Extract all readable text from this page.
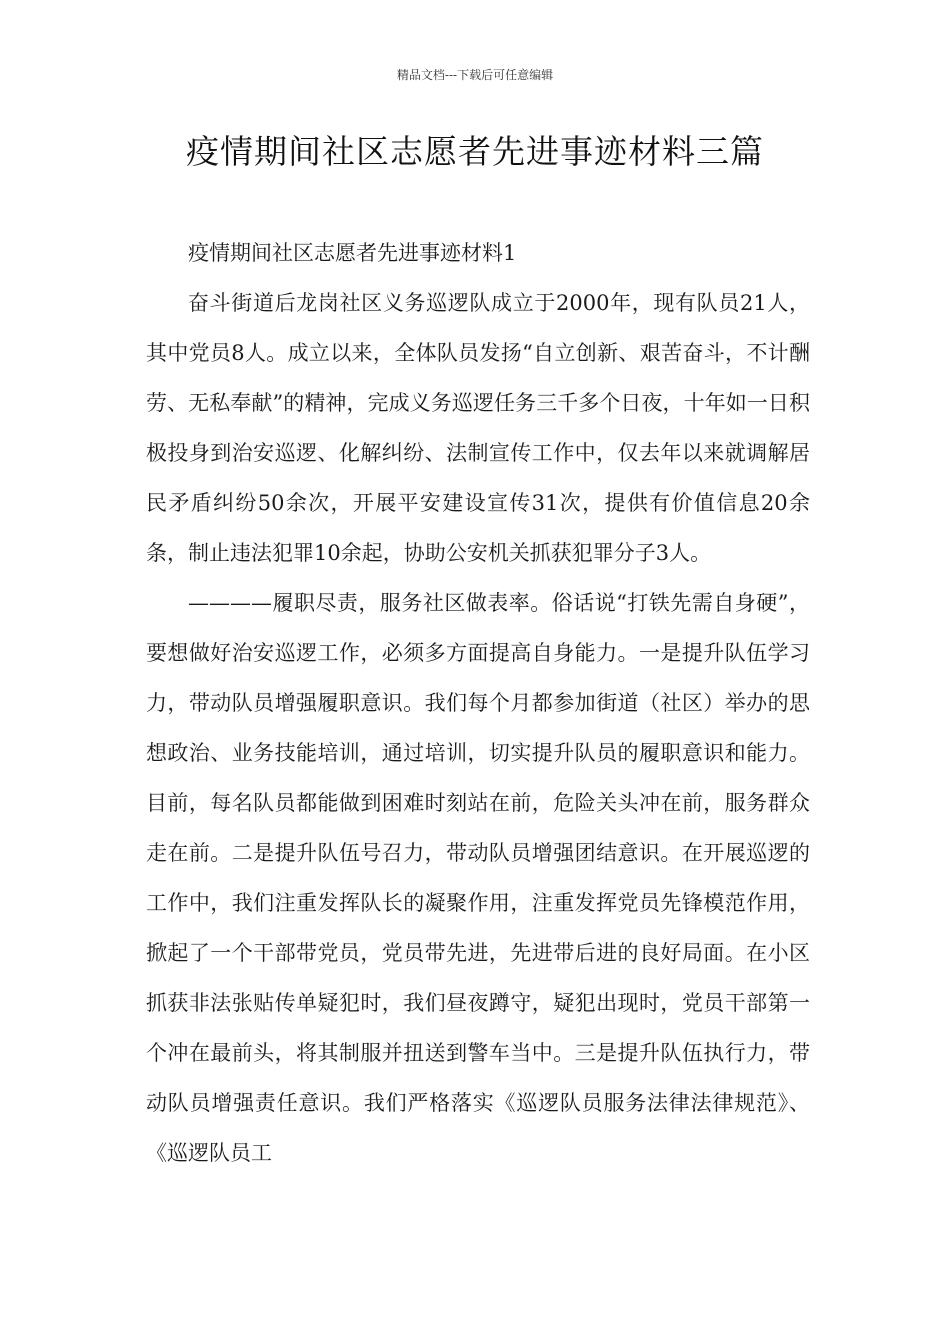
精品文档---下载后可任意编辑
疫情期间社区志愿者先进事迹材料三篇

疫情期间社区志愿者先进事迹材料1

奋斗街道后龙岗社区义务巡逻队成立于2000年，现有队员21人，其中党员8人。成立以来，全体队员发扬“自立创新、艰苦奋斗，不计酬劳、无私奉献”的精神，完成义务巡逻任务三千多个日夜，十年如一日积极投身到治安巡逻、化解纠纷、法制宣传工作中，仅去年以来就调解居民矛盾纠纷50余次，开展平安建设宣传31次，提供有价值信息20余条，制止违法犯罪10余起，协助公安机关抓获犯罪分子3人。

————履职尽责，服务社区做表率。俗话说“打铁先需自身硬”，要想做好治安巡逻工作，必须多方面提高自身能力。一是提升队伍学习力，带动队员增强履职意识。我们每个月都参加街道（社区）举办的思想政治、业务技能培训，通过培训，切实提升队员的履职意识和能力。目前，每名队员都能做到困难时刻站在前，危险关头冲在前，服务群众走在前。二是提升队伍号召力，带动队员增强团结意识。在开展巡逻的工作中，我们注重发挥队长的凝聚作用，注重发挥党员先锋模范作用，掀起了一个干部带党员，党员带先进，先进带后进的良好局面。在小区抓获非法张贴传单疑犯时，我们昼夜蹲守，疑犯出现时，党员干部第一个冲在最前头，将其制服并扭送到警车当中。三是提升队伍执行力，带动队员增强责任意识。我们严格落实《巡逻队员服务法律法律规范》、《巡逻队员工
